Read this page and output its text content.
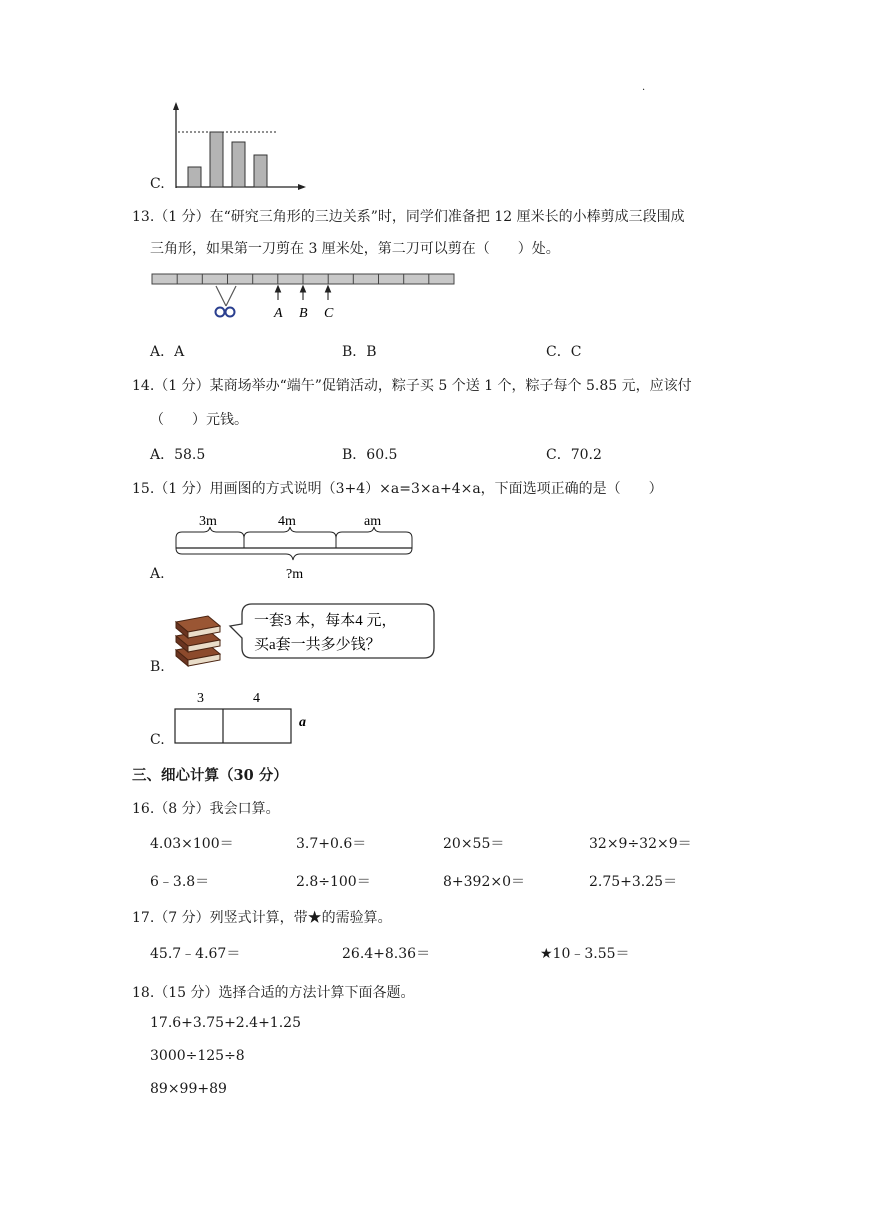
.
C.
13.（1 分）在“研究三角形的三边关系”时，同学们准备把 12 厘米长的小棒剪成三段围成
三角形，如果第一刀剪在 3 厘米处，第二刀可以剪在（　　）处。
A B C
A．A	B．B	C．C
14.（1 分）某商场举办“端午”促销活动，粽子买 5 个送 1 个，粽子每个 5.85 元，应该付
（　　）元钱。
A．58.5	B．60.5	C．70.2
15.（1 分）用画图的方式说明（3+4）×a=3×a+4×a，下面选项正确的是（　　）
3m	4m	am
?m
A.
一套3 本，每本4 元，
买a套一共多少钱？
B.
3	4
a
C.
三、细心计算（30 分）
16.（8 分）我会口算。
4.03×100＝	3.7+0.6＝	20×55＝	32×9÷32×9＝
6﹣3.8＝	2.8÷100＝	8+392×0＝	2.75+3.25＝
17.（7 分）列竖式计算，带★的需验算。
45.7﹣4.67＝	26.4+8.36＝	★10﹣3.55＝
18.（15 分）选择合适的方法计算下面各题。
17.6+3.75+2.4+1.25
3000÷125÷8
89×99+89
